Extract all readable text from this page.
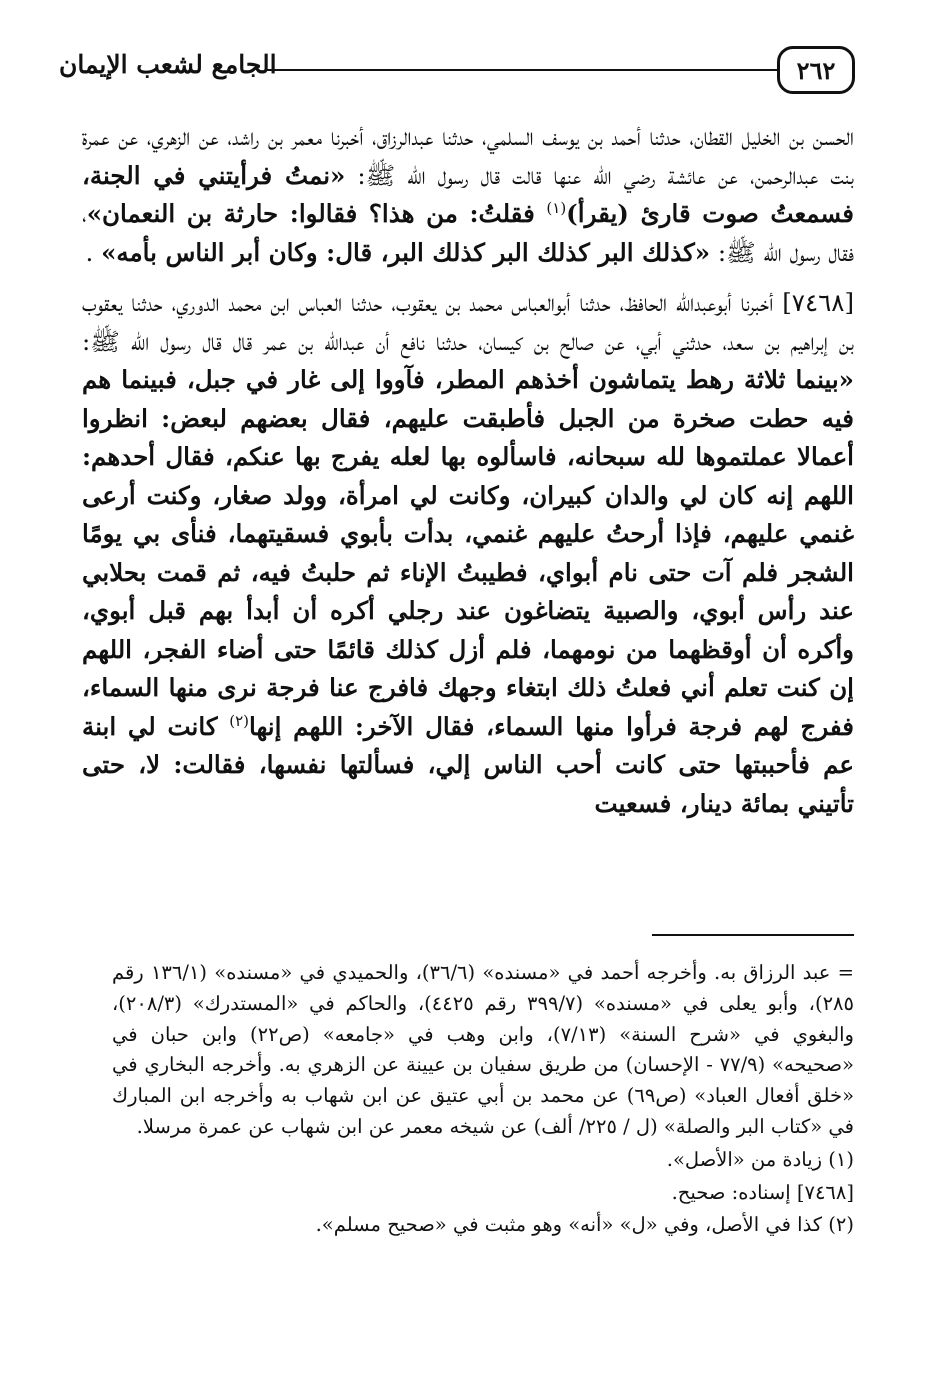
٢٦٢
الجامع لشعب الإيمان

الحسن بن الخليل القطان، حدثنا أحمد بن يوسف السلمي، حدثنا عبدالرزاق، أخبرنا معمر بن راشد، عن الزهري، عن عمرة بنت عبدالرحمن، عن عائشة رضي الله عنها قالت قال رسول الله ﷺ: «نمتُ فرأيتني في الجنة، فسمعتُ صوت قارئ (يقرأ)$^{(١)}$ فقلتُ: من هذا؟ فقالوا: حارثة بن النعمان»، فقال رسول الله ﷺ: «كذلك البر كذلك البر كذلك البر، قال: وكان أبر الناس بأمه» .

[٧٤٦٨] أخبرنا أبوعبدالله الحافظ، حدثنا أبوالعباس محمد بن يعقوب، حدثنا العباس ابن محمد الدوري، حدثنا يعقوب بن إبراهيم بن سعد، حدثني أبي، عن صالح بن كيسان، حدثنا نافع أن عبدالله بن عمر قال قال رسول الله ﷺ: «بينما ثلاثة رهط يتماشون أخذهم المطر، فآووا إلى غار في جبل، فبينما هم فيه حطت صخرة من الجبل فأطبقت عليهم، فقال بعضهم لبعض: انظروا أعمالا عملتموها لله سبحانه، فاسألوه بها لعله يفرج بها عنكم، فقال أحدهم: اللهم إنه كان لي والدان كبيران، وكانت لي امرأة، وولد صغار، وكنت أرعى غنمي عليهم، فإذا أرحتُ عليهم غنمي، بدأت بأبوي فسقيتهما، فنأى بي يومًا الشجر فلم آت حتى نام أبواي، فطيبتُ الإناء ثم حلبتُ فيه، ثم قمت بحلابي عند رأس أبوي، والصبية يتضاغون عند رجلي أكره أن أبدأ بهم قبل أبوي، وأكره أن أوقظهما من نومهما، فلم أزل كذلك قائمًا حتى أضاء الفجر، اللهم إن كنت تعلم أني فعلتُ ذلك ابتغاء وجهك فافرج عنا فرجة نرى منها السماء، ففرج لهم فرجة فرأوا منها السماء، فقال الآخر: اللهم إنها$^{(٢)}$ كانت لي ابنة عم فأحببتها حتى كانت أحب الناس إلي، فسألتها نفسها، فقالت: لا، حتى تأتيني بمائة دينار، فسعيت

= عبد الرزاق به. وأخرجه أحمد في «مسنده» (٣٦/٦)، والحميدي في «مسنده» (١٣٦/١ رقم ٢٨٥)، وأبو يعلى في «مسنده» (٣٩٩/٧ رقم ٤٤٢٥)، والحاكم في «المستدرك» (٢٠٨/٣)، والبغوي في «شرح السنة» (٧/١٣)، وابن وهب في «جامعه» (ص٢٢) وابن حبان في «صحيحه» (٧٧/٩ - الإحسان) من طريق سفيان بن عيينة عن الزهري به. وأخرجه البخاري في «خلق أفعال العباد» (ص٦٩) عن محمد بن أبي عتيق عن ابن شهاب به وأخرجه ابن المبارك في «كتاب البر والصلة» (ل / ٢٢٥/ ألف) عن شيخه معمر عن ابن شهاب عن عمرة مرسلا.

(١) زيادة من «الأصل».

[٧٤٦٨] إسناده: صحيح.

(٢) كذا في الأصل، وفي «ل» «أنه» وهو مثبت في «صحيح مسلم».
